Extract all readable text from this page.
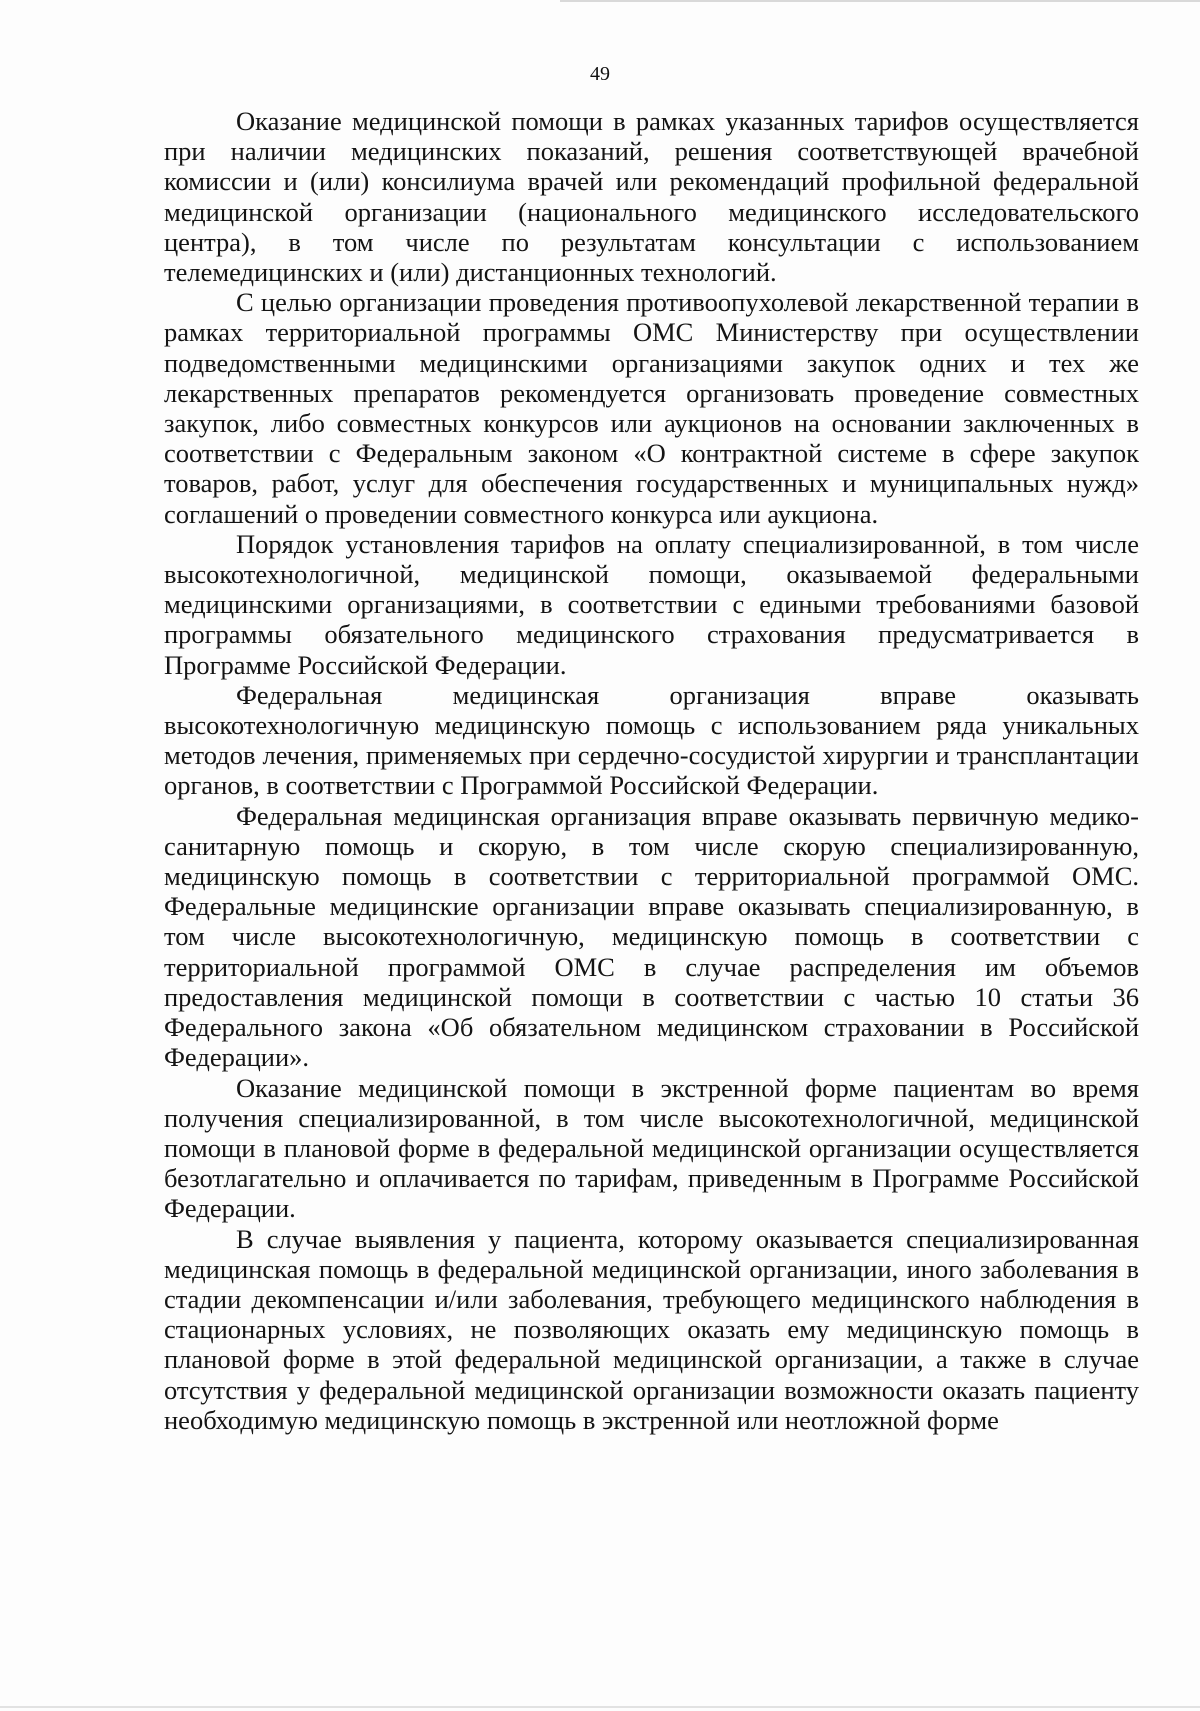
49

Оказание медицинской помощи в рамках указанных тарифов осуществляется при наличии медицинских показаний, решения соответствующей врачебной комиссии и (или) консилиума врачей или рекомендаций профильной федеральной медицинской организации (национального медицинского исследовательского центра), в том числе по результатам консультации с использованием телемедицинских и (или) дистанционных технологий.

С целью организации проведения противоопухолевой лекарственной терапии в рамках территориальной программы ОМС Министерству при осуществлении подведомственными медицинскими организациями закупок одних и тех же лекарственных препаратов рекомендуется организовать проведение совместных закупок, либо совместных конкурсов или аукционов на основании заключенных в соответствии с Федеральным законом «О контрактной системе в сфере закупок товаров, работ, услуг для обеспечения государственных и муниципальных нужд» соглашений о проведении совместного конкурса или аукциона.

Порядок установления тарифов на оплату специализированной, в том числе высокотехнологичной, медицинской помощи, оказываемой федеральными медицинскими организациями, в соответствии с едиными требованиями базовой программы обязательного медицинского страхования предусматривается в Программе Российской Федерации.

Федеральная медицинская организация вправе оказывать высокотехнологичную медицинскую помощь с использованием ряда уникальных методов лечения, применяемых при сердечно-сосудистой хирургии и трансплантации органов, в соответствии с Программой Российской Федерации.

Федеральная медицинская организация вправе оказывать первичную медико-санитарную помощь и скорую, в том числе скорую специализированную, медицинскую помощь в соответствии с территориальной программой ОМС. Федеральные медицинские организации вправе оказывать специализированную, в том числе высокотехнологичную, медицинскую помощь в соответствии с территориальной программой ОМС в случае распределения им объемов предоставления медицинской помощи в соответствии с частью 10 статьи 36 Федерального закона «Об обязательном медицинском страховании в Российской Федерации».

Оказание медицинской помощи в экстренной форме пациентам во время получения специализированной, в том числе высокотехнологичной, медицинской помощи в плановой форме в федеральной медицинской организации осуществляется безотлагательно и оплачивается по тарифам, приведенным в Программе Российской Федерации.

В случае выявления у пациента, которому оказывается специализированная медицинская помощь в федеральной медицинской организации, иного заболевания в стадии декомпенсации и/или заболевания, требующего медицинского наблюдения в стационарных условиях, не позволяющих оказать ему медицинскую помощь в плановой форме в этой федеральной медицинской организации, а также в случае отсутствия у федеральной медицинской организации возможности оказать пациенту необходимую медицинскую помощь в экстренной или неотложной форме
